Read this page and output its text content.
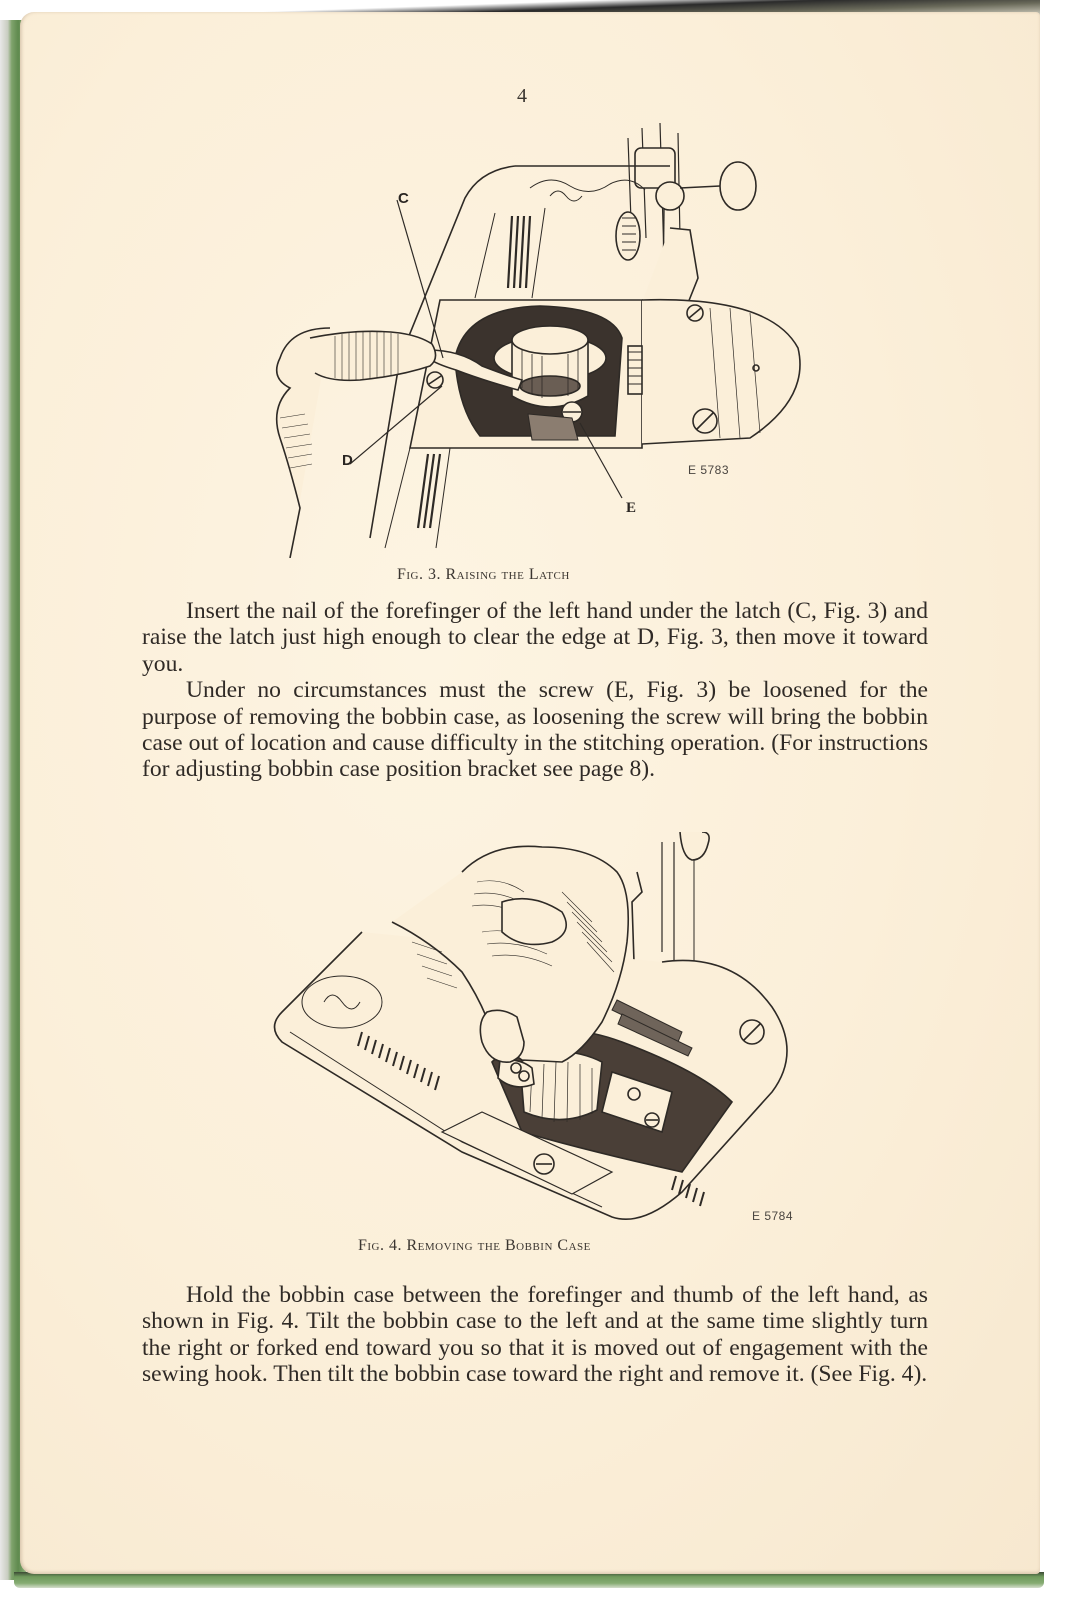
4
C
D
E
E 5783
Fig. 3. Raising the Latch

Insert the nail of the forefinger of the left hand under the latch (C, Fig. 3) and raise the latch just high enough to clear the edge at D, Fig. 3, then move it toward you.

Under no circumstances must the screw (E, Fig. 3) be loosened for the purpose of removing the bobbin case, as loosening the screw will bring the bobbin case out of location and cause difficulty in the stitching operation. (For instructions for adjusting bobbin case position bracket see page 8).

E 5784
Fig. 4. Removing the Bobbin Case

Hold the bobbin case between the forefinger and thumb of the left hand, as shown in Fig. 4. Tilt the bobbin case to the left and at the same time slightly turn the right or forked end toward you so that it is moved out of engagement with the sewing hook. Then tilt the bobbin case toward the right and remove it. (See Fig. 4).
